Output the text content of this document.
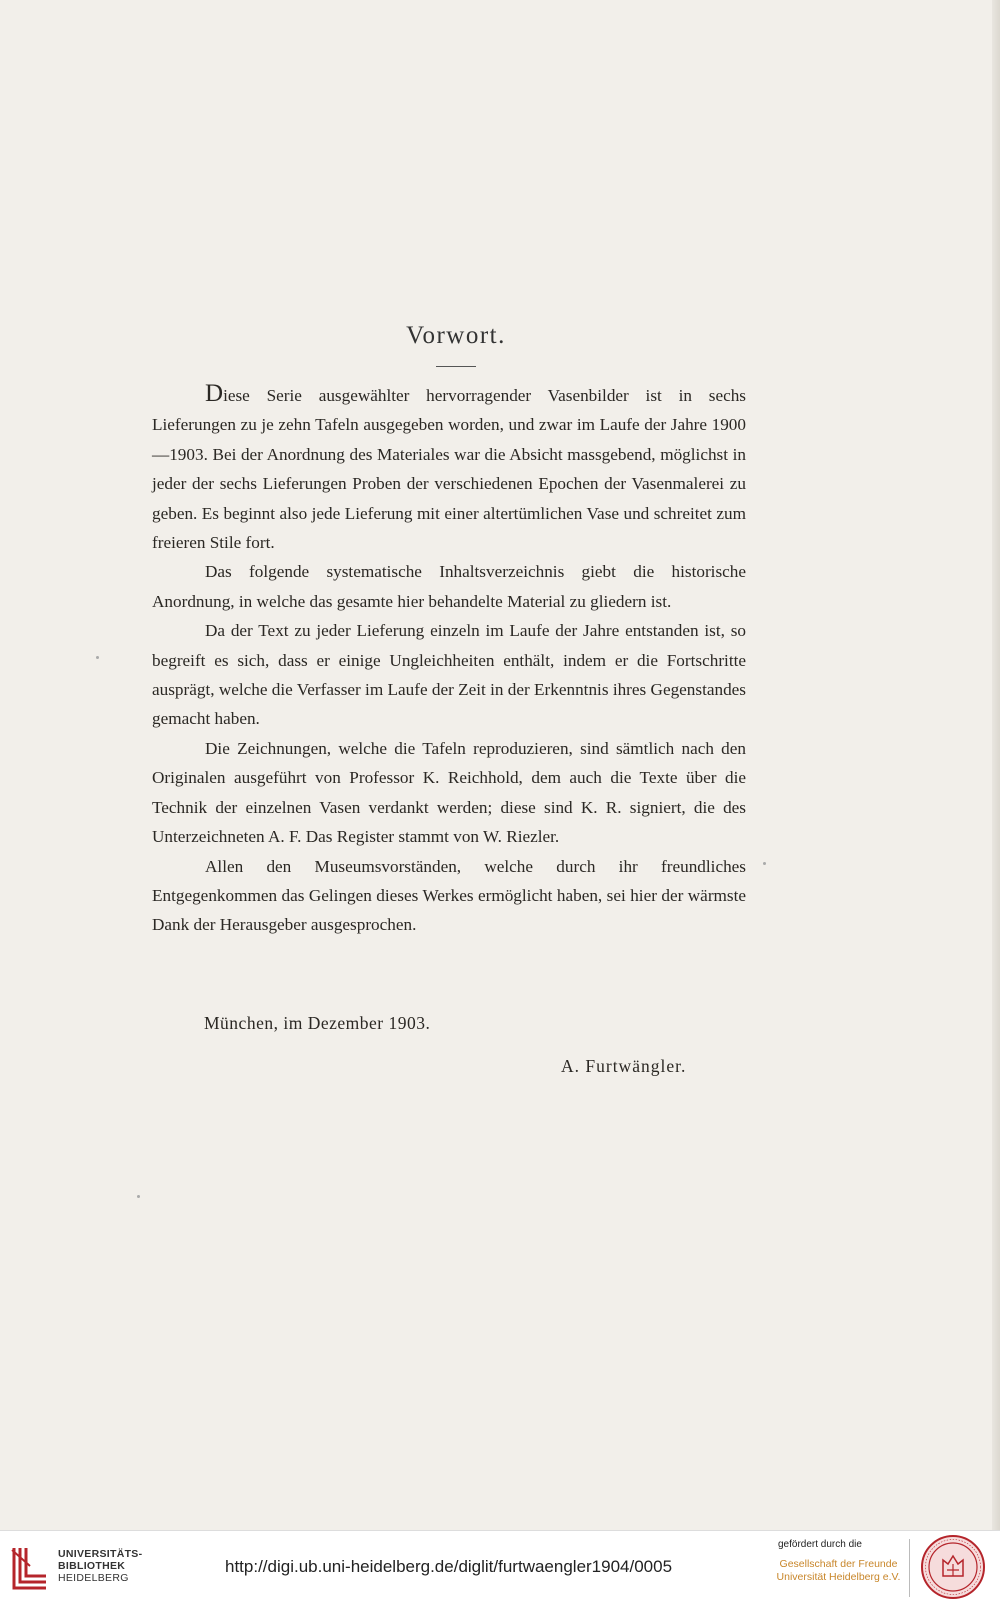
Vorwort.

Diese Serie ausgewählter hervorragender Vasenbilder ist in sechs Lieferungen zu je zehn Tafeln ausgegeben worden, und zwar im Laufe der Jahre 1900—1903. Bei der Anordnung des Materiales war die Absicht massgebend, möglichst in jeder der sechs Lieferungen Proben der verschiedenen Epochen der Vasenmalerei zu geben. Es beginnt also jede Lieferung mit einer altertümlichen Vase und schreitet zum freieren Stile fort.

Das folgende systematische Inhaltsverzeichnis giebt die historische Anordnung, in welche das gesamte hier behandelte Material zu gliedern ist.

Da der Text zu jeder Lieferung einzeln im Laufe der Jahre entstanden ist, so begreift es sich, dass er einige Ungleichheiten enthält, indem er die Fortschritte ausprägt, welche die Verfasser im Laufe der Zeit in der Erkenntnis ihres Gegenstandes gemacht haben.

Die Zeichnungen, welche die Tafeln reproduzieren, sind sämtlich nach den Originalen ausgeführt von Professor K. Reichhold, dem auch die Texte über die Technik der einzelnen Vasen verdankt werden; diese sind K. R. signiert, die des Unterzeichneten A. F. Das Register stammt von W. Riezler.

Allen den Museumsvorständen, welche durch ihr freundliches Entgegenkommen das Gelingen dieses Werkes ermöglicht haben, sei hier der wärmste Dank der Herausgeber ausgesprochen.

München, im Dezember 1903.
A. Furtwängler.
UNIVERSITÄTS-
BIBLIOTHEK
HEIDELBERG
http://digi.ub.uni-heidelberg.de/diglit/furtwaengler1904/0005
gefördert durch die
Gesellschaft der Freunde
Universität Heidelberg e.V.
